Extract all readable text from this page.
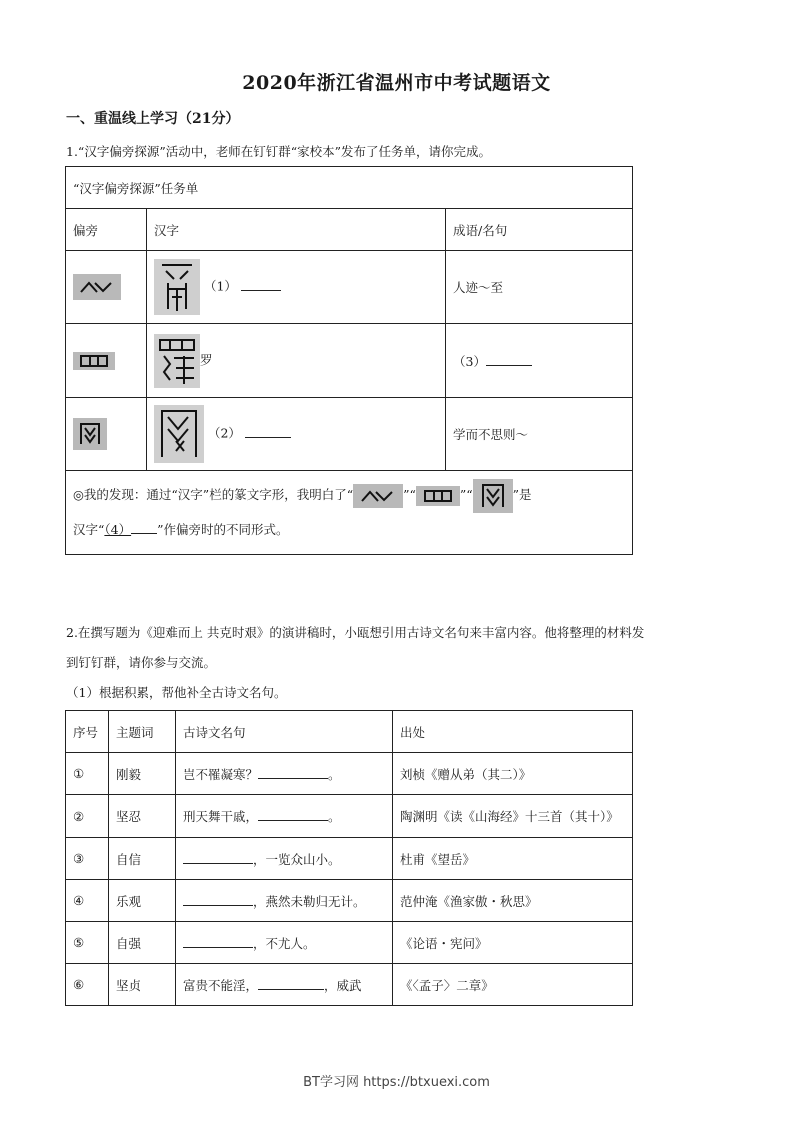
2020年浙江省温州市中考试题语文
一、重温线上学习（21分）
1.“汉字偏旁探源”活动中，老师在钉钉群“家校本”发布了任务单，请你完成。
“汉字偏旁探源”任务单		
偏旁	汉字	成语/名句

（1）	人迹～至

罗	（3）

（2）	学而不思则～
◎我的发现：通过“汉字”栏的篆文字形，我明白了“ ”“ ”“ ”是
汉字“（4） ”作偏旁时的不同形式。		
2.在撰写题为《迎难而上 共克时艰》的演讲稿时，小瓯想引用古诗文名句来丰富内容。他将整理的材料发
到钉钉群，请你参与交流。
（1）根据积累，帮他补全古诗文名句。
序号	主题词	古诗文名句	出处
①	刚毅	岂不罹凝寒？ 。	刘桢《赠从弟（其二）》
②	坚忍	刑天舞干戚， 。	陶渊明《读《山海经》十三首（其十）》
③	自信	，一览众山小。	杜甫《望岳》
④	乐观	，燕然未勒归无计。	范仲淹《渔家傲・秋思》
⑤	自强	，不尤人。	《论语・宪问》
⑥	坚贞	富贵不能淫， ，威武	《〈孟子〉二章》
BT学习网 https://btxuexi.com
